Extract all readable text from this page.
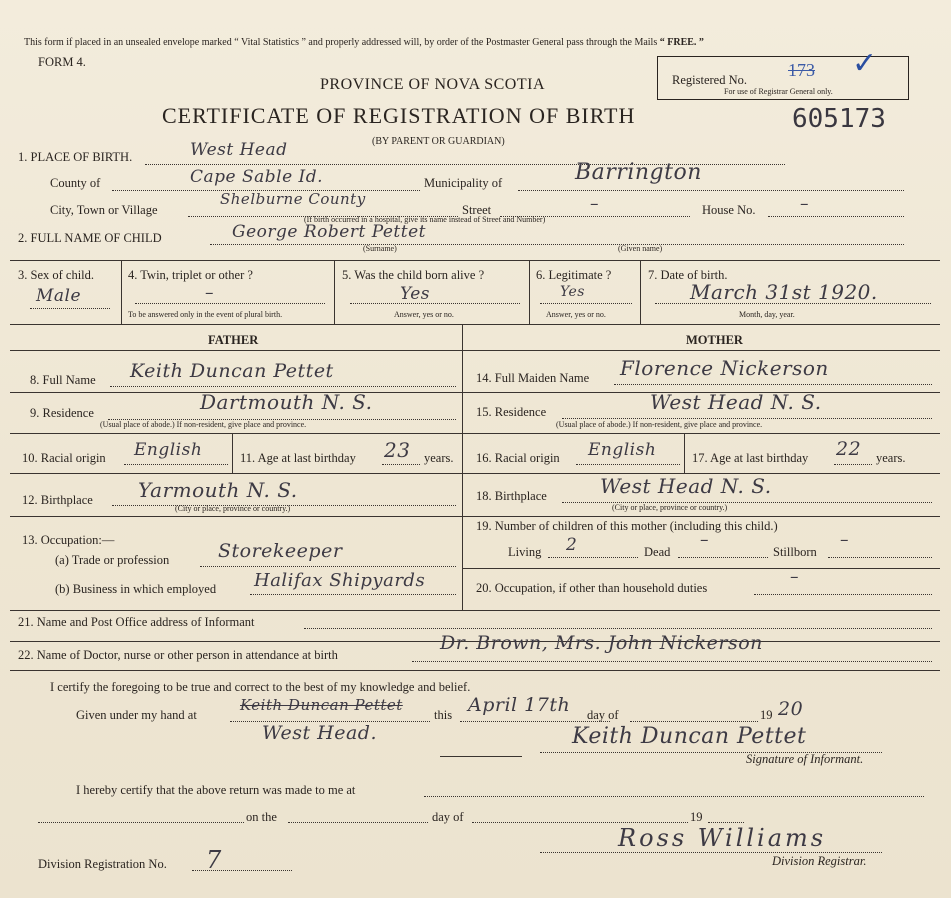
This form if placed in an unsealed envelope marked “ Vital Statistics ” and properly addressed will, by order of the Postmaster General pass through the Mails “ FREE. ”
FORM 4.
PROVINCE OF NOVA SCOTIA
CERTIFICATE OF REGISTRATION OF BIRTH
(BY PARENT OR GUARDIAN)
Registered No. 173 ✓
For use of Registrar General only.
605173
1. PLACE OF BIRTH.	West Head
County of	Cape Sable Id.	Municipality of	Barrington
City, Town or Village
Shelburne County
Street	–	House No.	–
(If birth occurred in a hospital, give its name instead of Street and Number)
2. FULL NAME OF CHILD	George Robert Pettet
(Surname)	(Given name)
3. Sex of child.
Male
4. Twin, triplet or other ?
–
To be answered only in the event of plural birth.
5. Was the child born alive ?
Yes
Answer, yes or no.
6. Legitimate ?
Yes
Answer, yes or no.
7. Date of birth.
March 31st 1920.
Month, day, year.
FATHER	MOTHER
8. Full Name Keith Duncan Pettet
9. Residence	Dartmouth N. S.
(Usual place of abode.) If non-resident, give place and province.
10. Racial origin English	11. Age at last birthday 23 years.
12. Birthplace Yarmouth N. S.
(City or place, province or country.)
13. Occupation:—
(a) Trade or profession	Storekeeper
(b) Business in which employed Halifax Shipyards
14. Full Maiden Name Florence Nickerson
15. Residence	West Head N. S.
(Usual place of abode.) If non-resident, give place and province.
16. Racial origin English	17. Age at last birthday 22 years.
18. Birthplace	West Head N. S.
(City or place, province or country.)
19. Number of children of this mother (including this child.)
Living 2	Dead
–
Stillborn
–
20. Occupation, if other than household duties
–
21. Name and Post Office address of Informant
22. Name of Doctor, nurse or other person in attendance at birth
Dr. Brown, Mrs. John Nickerson
I certify the foregoing to be true and correct to the best of my knowledge and belief.
Given under my hand at
Keith Duncan Pettet
West Head.
this April 17th day of	19 20
Keith Duncan Pettet
Signature of Informant.
I hereby certify that the above return was made to me at
on the	day of	19
Division Registration No. 7
Ross Williams
Division Registrar.
